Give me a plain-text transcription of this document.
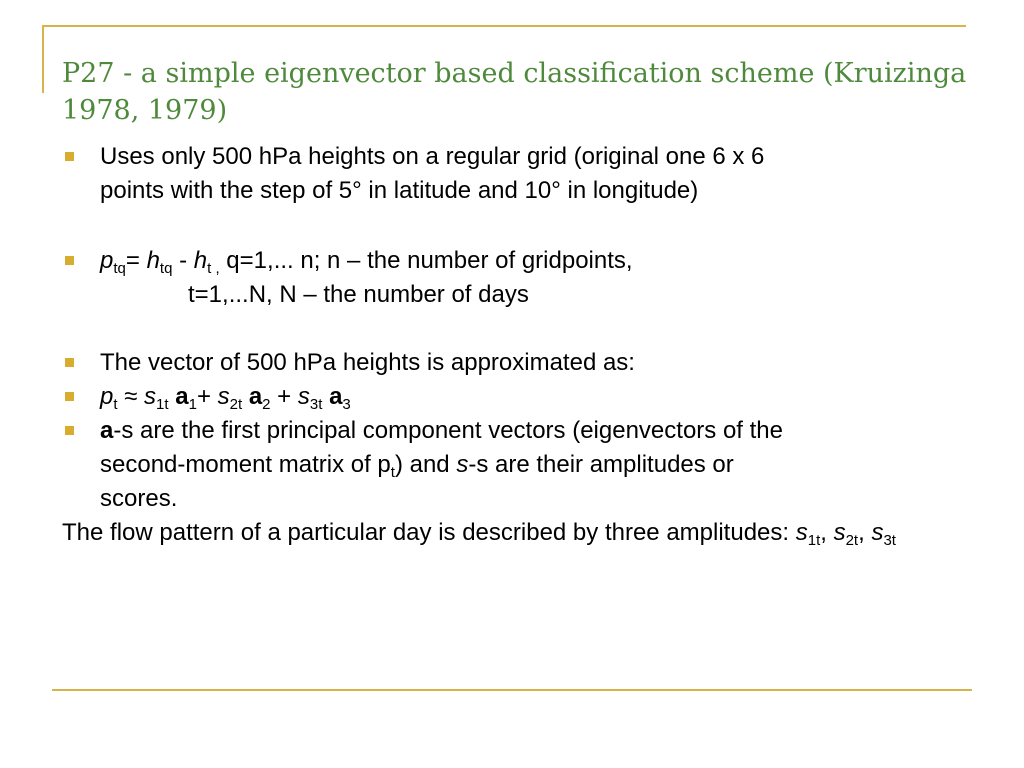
P27 - a simple eigenvector based classification scheme (Kruizinga
1978, 1979)
Uses only 500 hPa heights on a regular grid (original one 6 x 6
points with the step of 5° in latitude and 10° in longitude)
$p_{tq}= h_{tq} - h_{t ,}$ q=1,... n; n – the number of gridpoints,
t=1,...N, N – the number of days
The vector of 500 hPa heights is approximated as:
$p_t \approx s_{1t}$ $a_1+ s_{2t}$ $a_2 + s_{3t}$ $a_3$
a-s are the first principal component vectors (eigenvectors of the
second-moment matrix of $p_t$) and s-s are their amplitudes or
scores.
The flow pattern of a particular day is described by three amplitudes: $s_{1t}$, $s_{2t}$, $s_{3t}$
